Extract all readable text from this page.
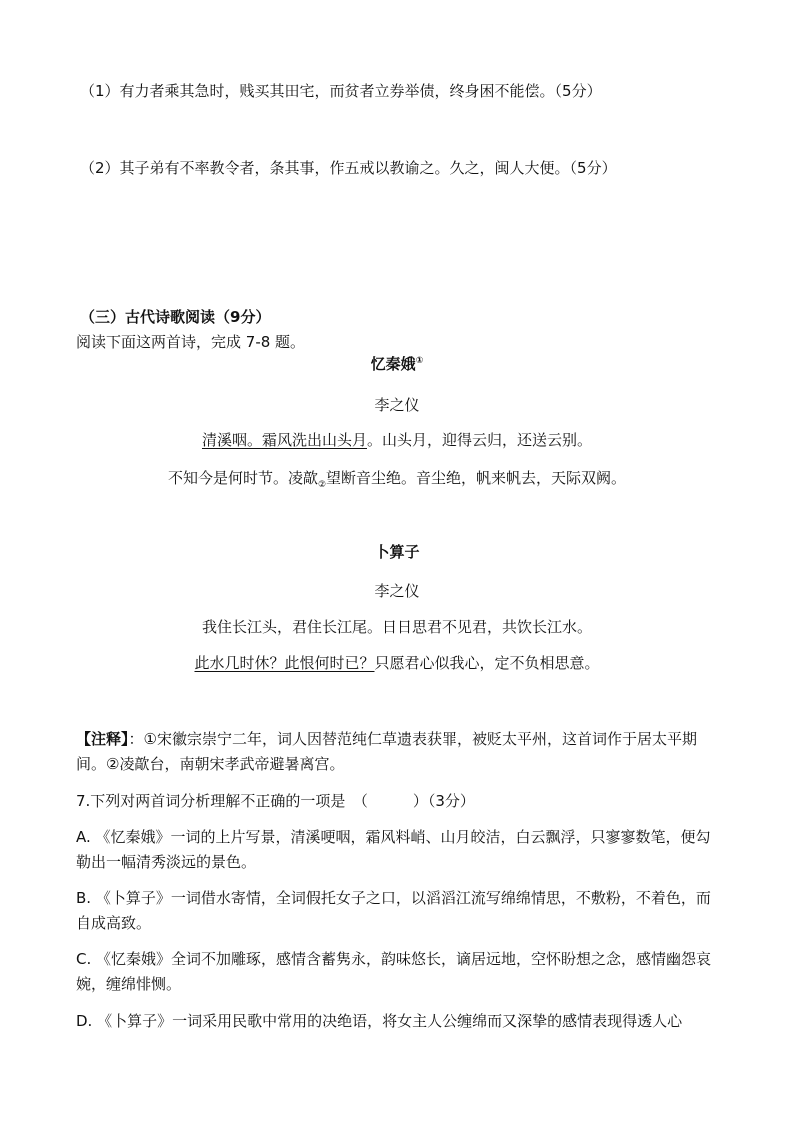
（1）有力者乘其急时，贱买其田宅，而贫者立券举债，终身困不能偿。（5分）
（2）其子弟有不率教令者，条其事，作五戒以教谕之。久之，闽人大便。（5分）
（三）古代诗歌阅读（9分）
阅读下面这两首诗，完成 7-8 题。
忆秦娥①
李之仪
清溪咽。霜风洗出山头月。山头月，迎得云归，还送云别。
不知今是何时节。凌歊$_②$望断音尘绝。音尘绝，帆来帆去，天际双阙。
卜算子
李之仪
我住长江头，君住长江尾。日日思君不见君，共饮长江水。
此水几时休？此恨何时已？只愿君心似我心，定不负相思意。
【注释】：①宋徽宗崇宁二年，词人因替范纯仁草遗表获罪，被贬太平州，这首词作于居太平期间。②凌歊台，南朝宋孝武帝避暑离宫。
7.下列对两首词分析理解不正确的一项是　（　　　）（3分）
A. 《忆秦娥》一词的上片写景，清溪哽咽，霜风料峭、山月皎洁，白云飘浮，只寥寥数笔，便勾勒出一幅清秀淡远的景色。
B. 《卜算子》一词借水寄情，全词假托女子之口，以滔滔江流写绵绵情思，不敷粉，不着色，而自成高致。
C. 《忆秦娥》全词不加雕琢，感情含蓄隽永，韵味悠长，谪居远地，空怀盼想之念，感情幽怨哀婉，缠绵悱恻。
D. 《卜算子》一词采用民歌中常用的决绝语，将女主人公缠绵而又深挚的感情表现得透人心
